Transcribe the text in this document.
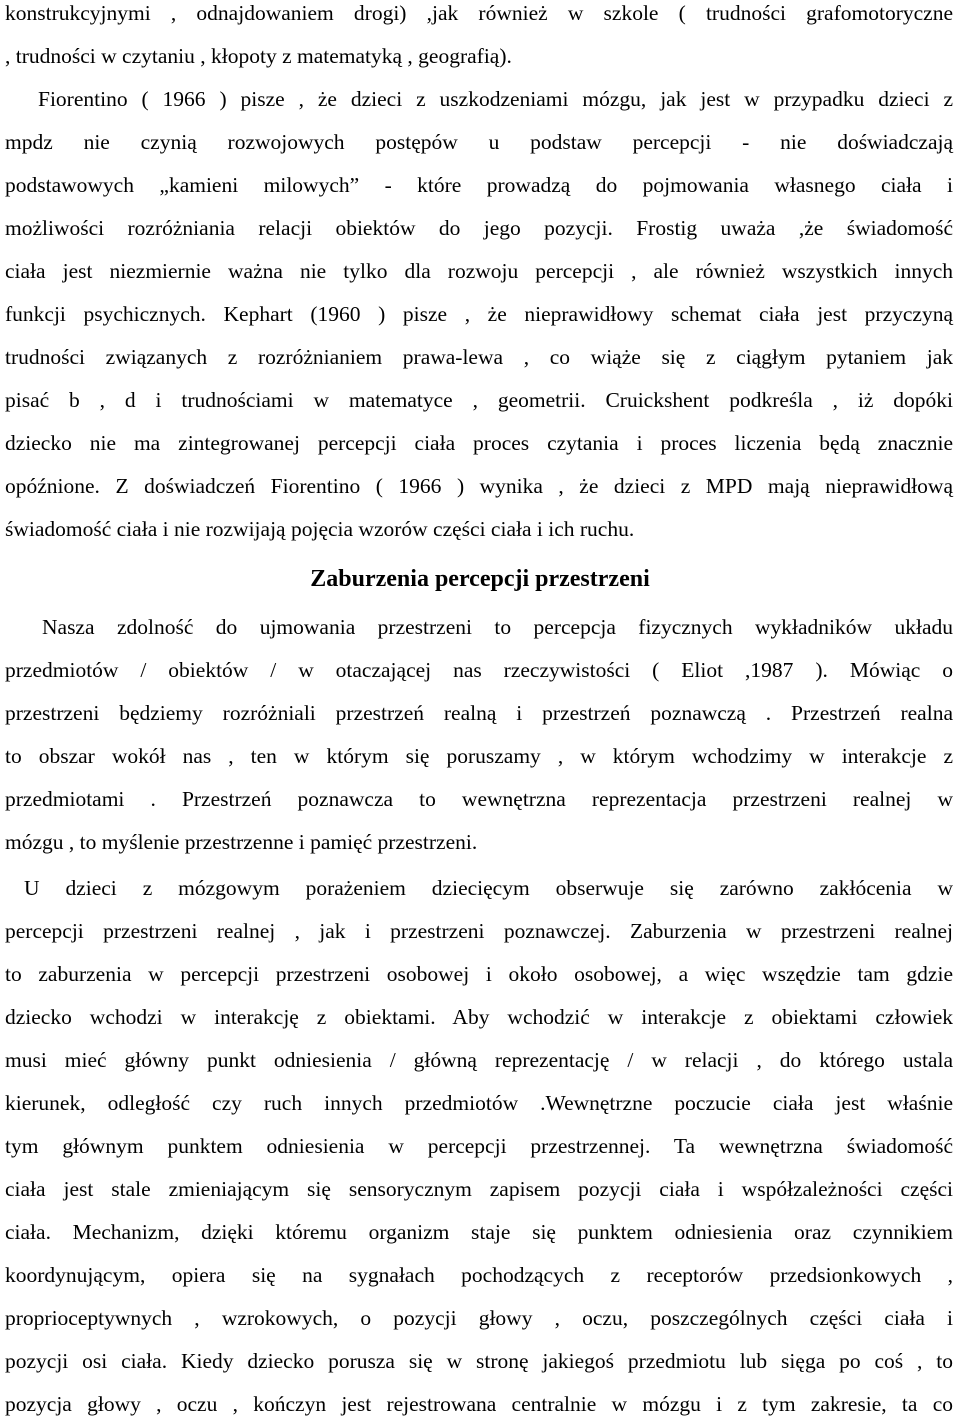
konstrukcyjnymi , odnajdowaniem drogi) ,jak również w szkole ( trudności grafomotoryczne
, trudności w czytaniu , kłopoty z matematyką , geografią).
Fiorentino ( 1966 ) pisze , że dzieci z uszkodzeniami mózgu, jak jest w przypadku dzieci z
mpdz nie czynią rozwojowych postępów u podstaw percepcji - nie doświadczają
podstawowych „kamieni milowych” - które prowadzą do pojmowania własnego ciała i
możliwości rozróżniania relacji obiektów do jego pozycji. Frostig uważa ,że świadomość
ciała jest niezmiernie ważna nie tylko dla rozwoju percepcji , ale również wszystkich innych
funkcji psychicznych. Kephart (1960 ) pisze , że nieprawidłowy schemat ciała jest przyczyną
trudności związanych z rozróżnianiem prawa-lewa , co wiąże się z ciągłym pytaniem jak
pisać b , d i trudnościami w matematyce , geometrii. Cruickshent podkreśla , iż dopóki
dziecko nie ma zintegrowanej percepcji ciała proces czytania i proces liczenia będą znacznie
opóźnione. Z doświadczeń Fiorentino ( 1966 ) wynika , że dzieci z MPD mają nieprawidłową
świadomość ciała i nie rozwijają pojęcia wzorów części ciała i ich ruchu.
Zaburzenia percepcji przestrzeni
Nasza zdolność do ujmowania przestrzeni to percepcja fizycznych wykładników układu
przedmiotów / obiektów / w otaczającej nas rzeczywistości ( Eliot ,1987 ). Mówiąc o
przestrzeni będziemy rozróżniali przestrzeń realną i przestrzeń poznawczą . Przestrzeń realna
to obszar wokół nas , ten w którym się poruszamy , w którym wchodzimy w interakcje z
przedmiotami . Przestrzeń poznawcza to wewnętrzna reprezentacja przestrzeni realnej w
mózgu , to myślenie przestrzenne i pamięć przestrzeni.
U dzieci z mózgowym porażeniem dziecięcym obserwuje się zarówno zakłócenia w
percepcji przestrzeni realnej , jak i przestrzeni poznawczej. Zaburzenia w przestrzeni realnej
to zaburzenia w percepcji przestrzeni osobowej i około osobowej, a więc wszędzie tam gdzie
dziecko wchodzi w interakcję z obiektami. Aby wchodzić w interakcje z obiektami człowiek
musi mieć główny punkt odniesienia / główną reprezentację / w relacji , do którego ustala
kierunek, odległość czy ruch innych przedmiotów .Wewnętrzne poczucie ciała jest właśnie
tym głównym punktem odniesienia w percepcji przestrzennej. Ta wewnętrzna świadomość
ciała jest stale zmieniającym się sensorycznym zapisem pozycji ciała i współzależności części
ciała. Mechanizm, dzięki któremu organizm staje się punktem odniesienia oraz czynnikiem
koordynującym, opiera się na sygnałach pochodzących z receptorów przedsionkowych ,
proprioceptywnych , wzrokowych, o pozycji głowy , oczu, poszczególnych części ciała i
pozycji osi ciała. Kiedy dziecko porusza się w stronę jakiegoś przedmiotu lub sięga po coś , to
pozycja głowy , oczu , kończyn jest rejestrowana centralnie w mózgu i z tym zakresie, ta co
